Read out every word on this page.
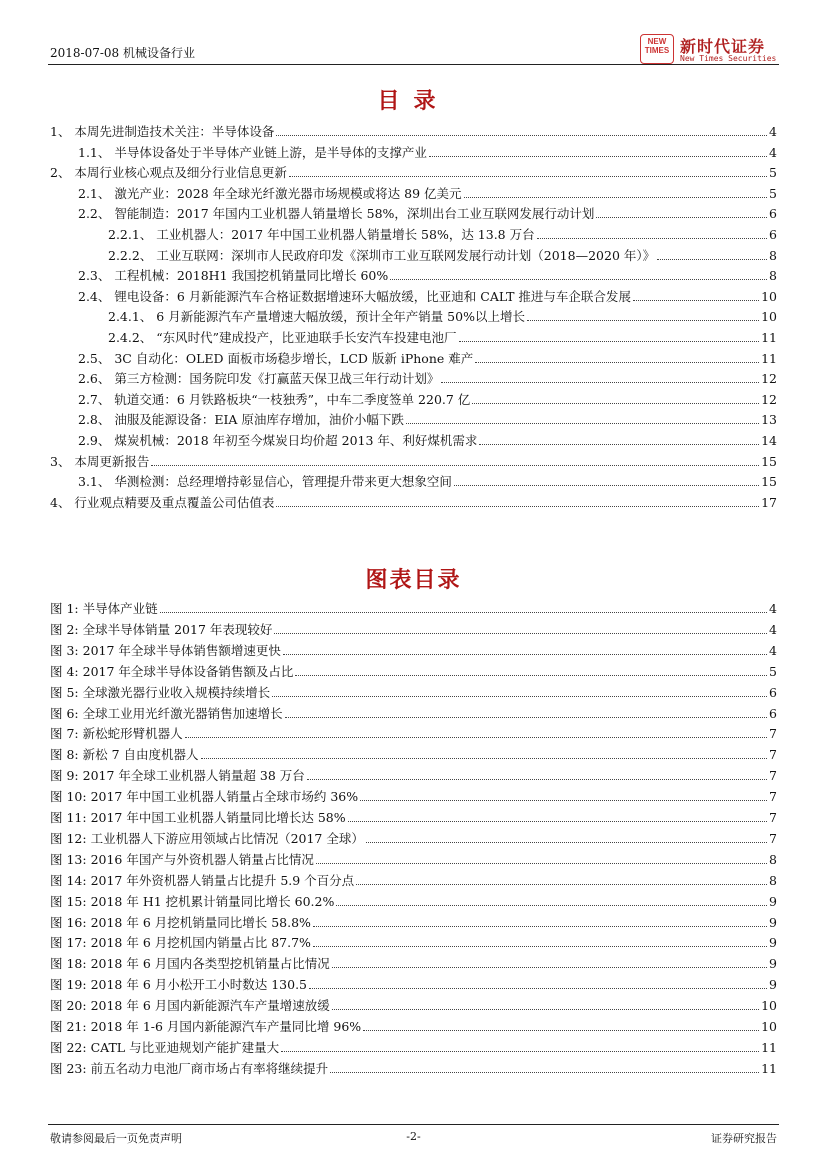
2018-07-08 机械设备行业
NEW TIMES 新时代证券
New Times Securities
目录
1、 本周先进制造技术关注：半导体设备	4
1.1、 半导体设备处于半导体产业链上游，是半导体的支撑产业	4
2、 本周行业核心观点及细分行业信息更新	5
2.1、 激光产业：2028 年全球光纤激光器市场规模或将达 89 亿美元	5
2.2、 智能制造：2017 年国内工业机器人销量增长 58%，深圳出台工业互联网发展行动计划	6
2.2.1、 工业机器人：2017 年中国工业机器人销量增长 58%，达 13.8 万台	6
2.2.2、 工业互联网：深圳市人民政府印发《深圳市工业互联网发展行动计划（2018—2020 年）》	8
2.3、 工程机械：2018H1 我国挖机销量同比增长 60%	8
2.4、 锂电设备：6 月新能源汽车合格证数据增速环大幅放缓，比亚迪和 CALT 推进与车企联合发展	10
2.4.1、 6 月新能源汽车产量增速大幅放缓，预计全年产销量 50%以上增长	10
2.4.2、 “东风时代”建成投产，比亚迪联手长安汽车投建电池厂	11
2.5、 3C 自动化：OLED 面板市场稳步增长，LCD 版新 iPhone 难产	11
2.6、 第三方检测：国务院印发《打赢蓝天保卫战三年行动计划》	12
2.7、 轨道交通：6 月铁路板块“一枝独秀”，中车二季度签单 220.7 亿	12
2.8、 油服及能源设备：EIA 原油库存增加，油价小幅下跌	13
2.9、 煤炭机械：2018 年初至今煤炭日均价超 2013 年、利好煤机需求	14
3、 本周更新报告	15
3.1、 华测检测：总经理增持彰显信心，管理提升带来更大想象空间	15
4、 行业观点精要及重点覆盖公司估值表	17
图表目录
图 1: 半导体产业链	4
图 2: 全球半导体销量 2017 年表现较好	4
图 3: 2017 年全球半导体销售额增速更快	4
图 4: 2017 年全球半导体设备销售额及占比	5
图 5: 全球激光器行业收入规模持续增长	6
图 6: 全球工业用光纤激光器销售加速增长	6
图 7: 新松蛇形臂机器人	7
图 8: 新松 7 自由度机器人	7
图 9: 2017 年全球工业机器人销量超 38 万台	7
图 10: 2017 年中国工业机器人销量占全球市场约 36%	7
图 11: 2017 年中国工业机器人销量同比增长达 58%	7
图 12: 工业机器人下游应用领域占比情况（2017 全球）	7
图 13: 2016 年国产与外资机器人销量占比情况	8
图 14: 2017 年外资机器人销量占比提升 5.9 个百分点	8
图 15: 2018 年 H1 挖机累计销量同比增长 60.2%	9
图 16: 2018 年 6 月挖机销量同比增长 58.8%	9
图 17: 2018 年 6 月挖机国内销量占比 87.7%	9
图 18: 2018 年 6 月国内各类型挖机销量占比情况	9
图 19: 2018 年 6 月小松开工小时数达 130.5	9
图 20: 2018 年 6 月国内新能源汽车产量增速放缓	10
图 21: 2018 年 1-6 月国内新能源汽车产量同比增 96%	10
图 22: CATL 与比亚迪规划产能扩建量大	11
图 23: 前五名动力电池厂商市场占有率将继续提升	11
敬请参阅最后一页免责声明	-2-	证券研究报告
